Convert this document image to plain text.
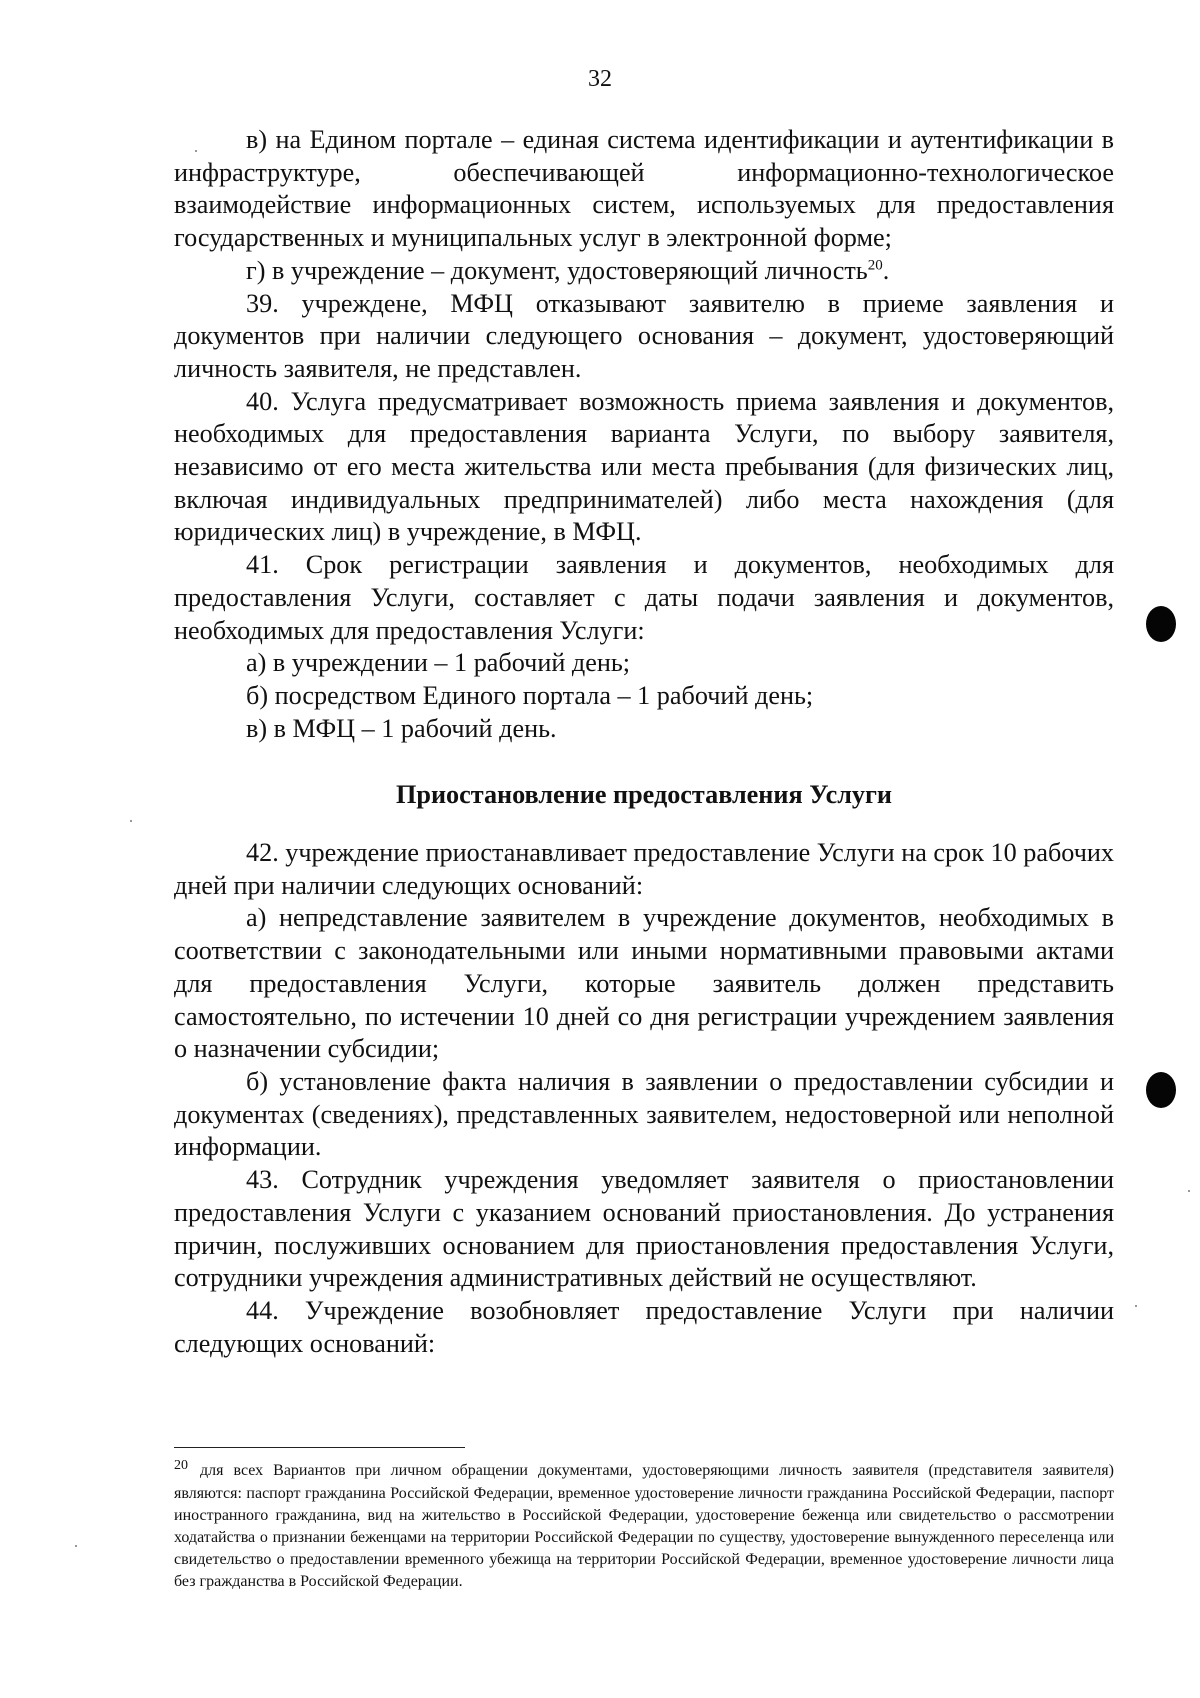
32

в) на Едином портале – единая система идентификации и аутентификации в инфраструктуре, обеспечивающей информационно-технологическое взаимодействие информационных систем, используемых для предоставления государственных и муниципальных услуг в электронной форме;

г) в учреждение – документ, удостоверяющий личность$^{20}$.

39. учреждене, МФЦ отказывают заявителю в приеме заявления и документов при наличии следующего основания – документ, удостоверяющий личность заявителя, не представлен.

40. Услуга предусматривает возможность приема заявления и документов, необходимых для предоставления варианта Услуги, по выбору заявителя, независимо от его места жительства или места пребывания (для физических лиц, включая индивидуальных предпринимателей) либо места нахождения (для юридических лиц) в учреждение, в МФЦ.

41. Срок регистрации заявления и документов, необходимых для предоставления Услуги, составляет с даты подачи заявления и документов, необходимых для предоставления Услуги:

а) в учреждении – 1 рабочий день;

б) посредством Единого портала – 1 рабочий день;

в) в МФЦ – 1 рабочий день.

Приостановление предоставления Услуги

42. учреждение приостанавливает предоставление Услуги на срок 10 рабочих дней при наличии следующих оснований:

а) непредставление заявителем в учреждение документов, необходимых в соответствии с законодательными или иными нормативными правовыми актами для предоставления Услуги, которые заявитель должен представить самостоятельно, по истечении 10 дней со дня регистрации учреждением заявления о назначении субсидии;

б) установление факта наличия в заявлении о предоставлении субсидии и документах (сведениях), представленных заявителем, недостоверной или неполной информации.

43. Сотрудник учреждения уведомляет заявителя о приостановлении предоставления Услуги с указанием оснований приостановления. До устранения причин, послуживших основанием для приостановления предоставления Услуги, сотрудники учреждения административных действий не осуществляют.

44. Учреждение возобновляет предоставление Услуги при наличии следующих оснований:

20 для всех Вариантов при личном обращении документами, удостоверяющими личность заявителя (представителя заявителя) являются: паспорт гражданина Российской Федерации, временное удостоверение личности гражданина Российской Федерации, паспорт иностранного гражданина, вид на жительство в Российской Федерации, удостоверение беженца или свидетельство о рассмотрении ходатайства о признании беженцами на территории Российской Федерации по существу, удостоверение вынужденного переселенца или свидетельство о предоставлении временного убежища на территории Российской Федерации, временное удостоверение личности лица без гражданства в Российской Федерации.
